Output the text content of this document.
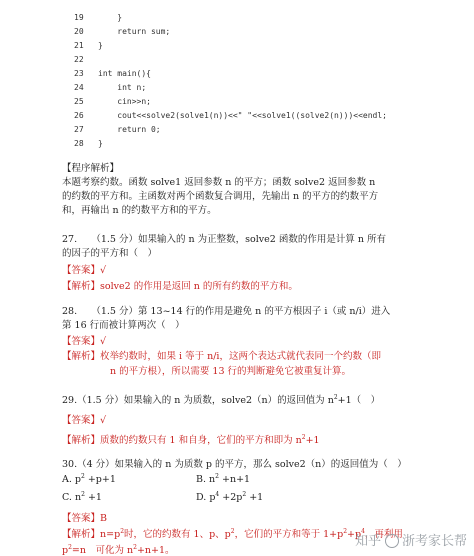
19 }
20 return sum;
21 }
22
23 int main(){
24 int n;
25 cin>>n;
26 cout<<solve2(solve1(n))<<" "<<solve1((solve2(n)))<<endl;
27 return 0;
28 }
【程序解析】
本题考察约数。函数 solve1 返回参数 n 的平方；函数 solve2 返回参数 n
的约数的平方和。主函数对两个函数复合调用，先输出 n 的平方的约数平方
和，再输出 n 的约数平方和的平方。
27.　　（1.5 分）如果输入的 n 为正整数，solve2 函数的作用是计算 n 所有
的因子的平方和（　）
【答案】√
【解析】solve2 的作用是返回 n 的所有约数的平方和。
28.　　（1.5 分）第 13~14 行的作用是避免 n 的平方根因子 i（或 n/i）进入
第 16 行而被计算两次（　）
【答案】√
【解析】枚举约数时，如果 i 等于 n/i，这两个表达式就代表同一个约数（即
n 的平方根），所以需要 13 行的判断避免它被重复计算。
29.（1.5 分）如果输入的 n 为质数，solve2（n）的返回值为 $n^2+1$（　）
【答案】√
【解析】质数的约数只有 1 和自身，它们的平方和即为 $n^2+1$
30.（4 分）如果输入的 n 为质数 p 的平方，那么 solve2（n）的返回值为（　）
A. $p^2 +p+1$	B. $n^2 +n+1$
C. $n^2 +1$	D. $p^4 +2p^2 +1$
【答案】B
【解析】$n=p^2$时，它的约数有 1、p、$p^2$，它们的平方和等于 $1+p^2+p^4$，再利用
$p^2=n$　可化为 $n^2+n+1$。
知乎 浙考家长帮
